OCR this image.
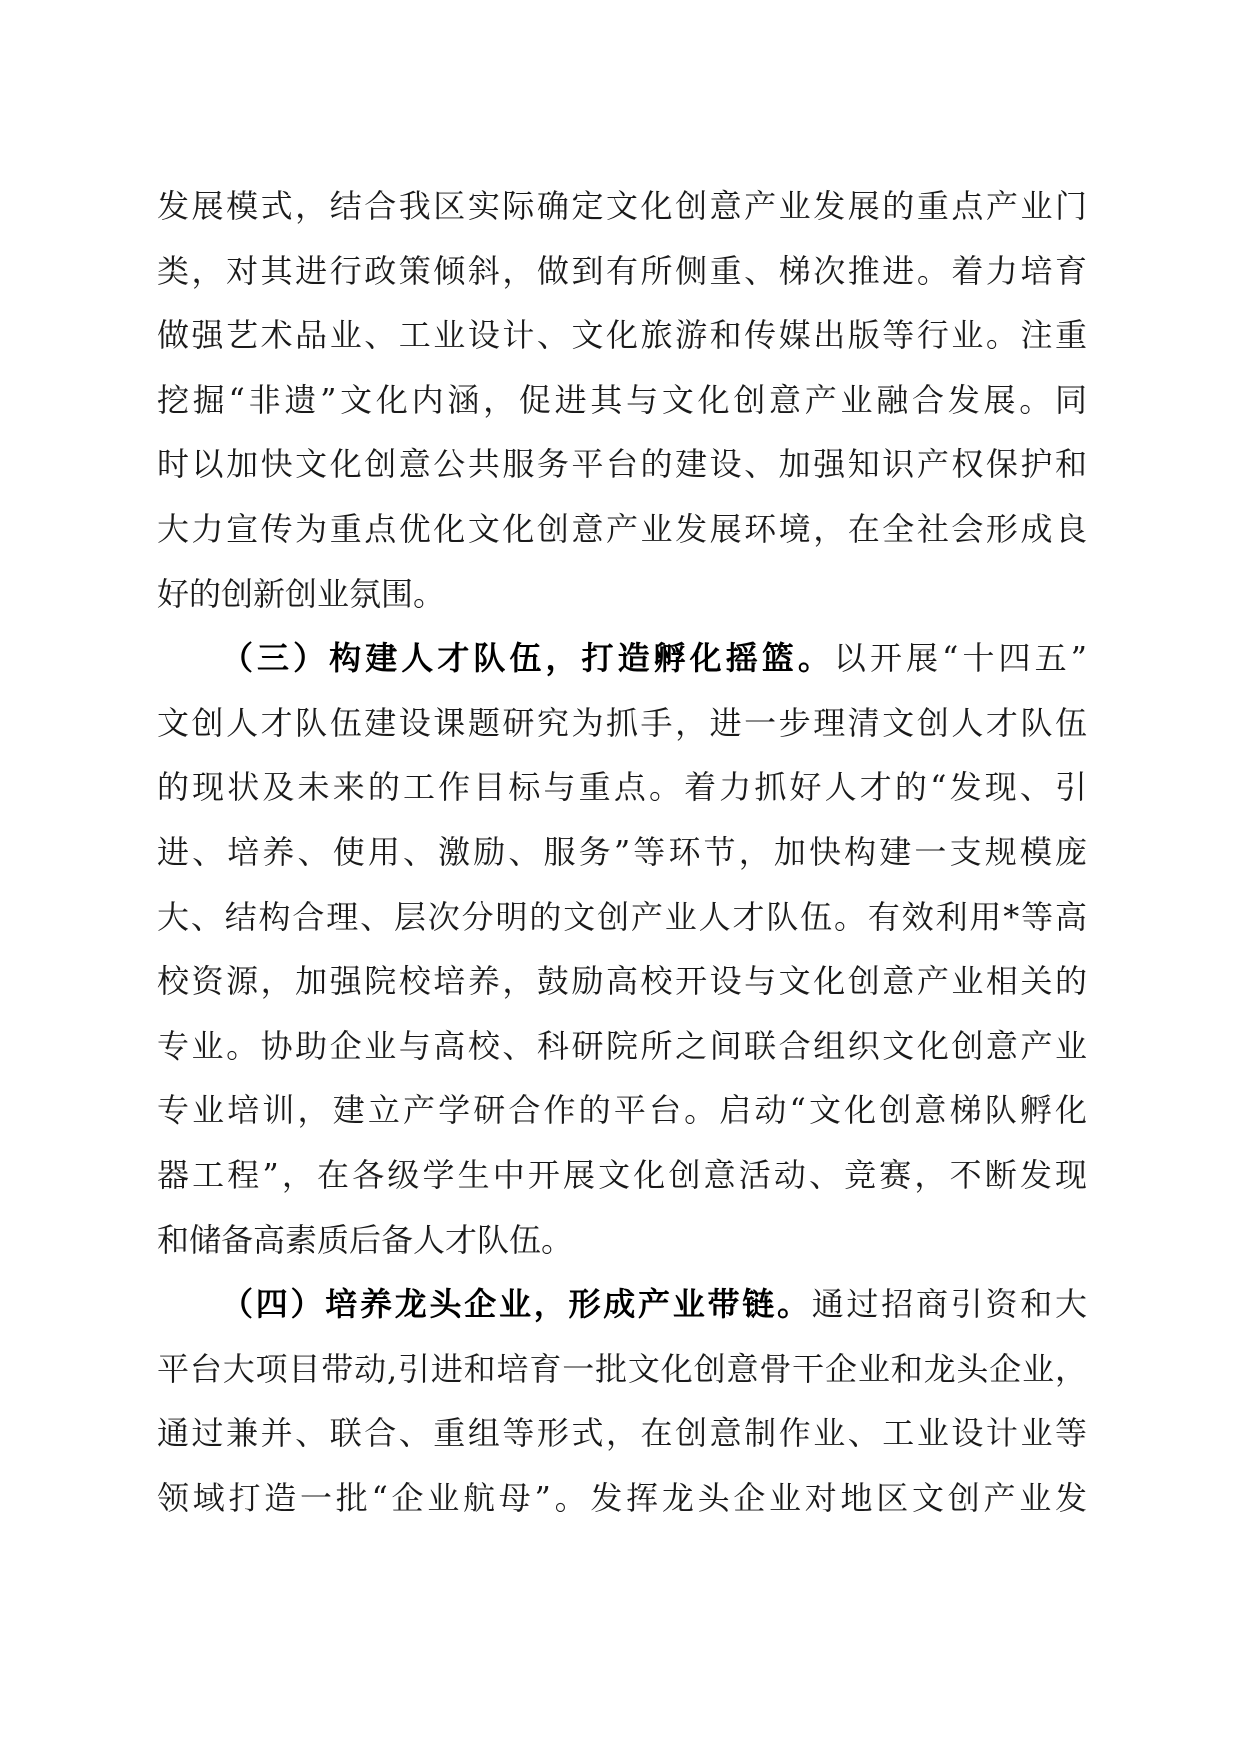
发展模式，结合我区实际确定文化创意产业发展的重点产业门
类，对其进行政策倾斜，做到有所侧重、梯次推进。着力培育
做强艺术品业、工业设计、文化旅游和传媒出版等行业。注重
挖掘“非遗”文化内涵，促进其与文化创意产业融合发展。同
时以加快文化创意公共服务平台的建设、加强知识产权保护和
大力宣传为重点优化文化创意产业发展环境，在全社会形成良
好的创新创业氛围。
（三）构建人才队伍，打造孵化摇篮。以开展“十四五”
文创人才队伍建设课题研究为抓手，进一步理清文创人才队伍
的现状及未来的工作目标与重点。着力抓好人才的“发现、引
进、培养、使用、激励、服务”等环节，加快构建一支规模庞
大、结构合理、层次分明的文创产业人才队伍。有效利用*等高
校资源，加强院校培养，鼓励高校开设与文化创意产业相关的
专业。协助企业与高校、科研院所之间联合组织文化创意产业
专业培训，建立产学研合作的平台。启动“文化创意梯队孵化
器工程”，在各级学生中开展文化创意活动、竞赛，不断发现
和储备高素质后备人才队伍。
（四）培养龙头企业，形成产业带链。通过招商引资和大
平台大项目带动,引进和培育一批文化创意骨干企业和龙头企业，
通过兼并、联合、重组等形式，在创意制作业、工业设计业等
领域打造一批“企业航母”。发挥龙头企业对地区文创产业发
